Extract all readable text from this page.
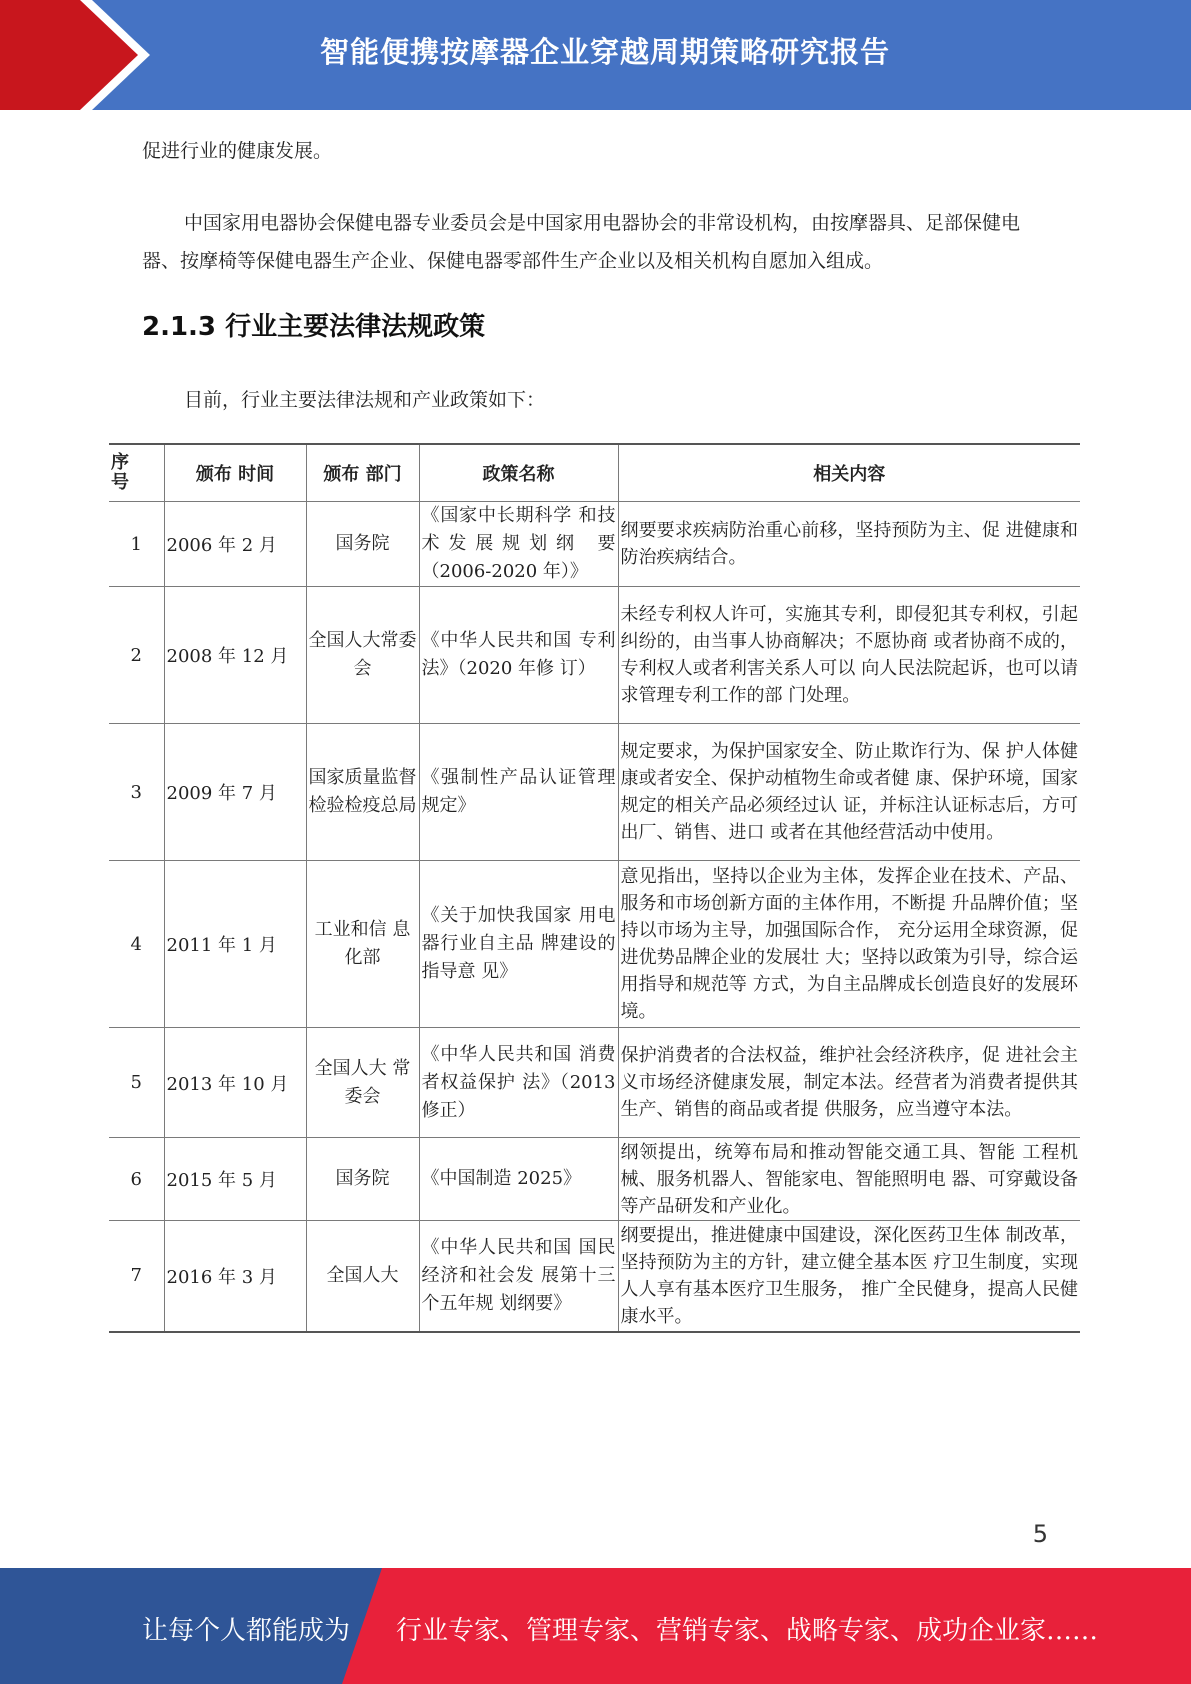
智能便携按摩器企业穿越周期策略研究报告
促进行业的健康发展。
中国家用电器协会保健电器专业委员会是中国家用电器协会的非常设机构，由按摩器具、足部保健电器、按摩椅等保健电器生产企业、保健电器零部件生产企业以及相关机构自愿加入组成。
2.1.3 行业主要法律法规政策
目前，行业主要法律法规和产业政策如下：
序号	颁布 时间	颁布 部门	政策名称	相关内容
1	2006 年 2 月	国务院	《国家中长期科学 和技术发展规划纲 要（2006-2020 年）》	纲要要求疾病防治重心前移，坚持预防为主、促 进健康和防治疾病结合。
2	2008 年 12 月	全国人大常委会	《中华人民共和国 专利法》（2020 年修 订）	未经专利权人许可，实施其专利，即侵犯其专利权，引起纠纷的，由当事人协商解决；不愿协商 或者协商不成的，专利权人或者利害关系人可以 向人民法院起诉，也可以请求管理专利工作的部 门处理。
3	2009 年 7 月	国家质量监督检验检疫总局	《强制性产品认证管理规定》	规定要求，为保护国家安全、防止欺诈行为、保 护人体健康或者安全、保护动植物生命或者健 康、保护环境，国家规定的相关产品必须经过认 证，并标注认证标志后，方可出厂、销售、进口 或者在其他经营活动中使用。
4	2011 年 1 月	工业和信 息化部	《关于加快我国家 用电器行业自主品 牌建设的指导意 见》	意见指出，坚持以企业为主体，发挥企业在技术、产品、服务和市场创新方面的主体作用，不断提 升品牌价值；坚持以市场为主导，加强国际合作， 充分运用全球资源，促进优势品牌企业的发展壮 大；坚持以政策为引导，综合运用指导和规范等 方式，为自主品牌成长创造良好的发展环境。
5	2013 年 10 月	全国人大 常委会	《中华人民共和国 消费者权益保护 法》（2013 修正）	保护消费者的合法权益，维护社会经济秩序，促 进社会主义市场经济健康发展，制定本法。经营者为消费者提供其生产、销售的商品或者提 供服务，应当遵守本法。
6	2015 年 5 月	国务院	《中国制造 2025》	纲领提出，统筹布局和推动智能交通工具、智能 工程机械、服务机器人、智能家电、智能照明电 器、可穿戴设备等产品研发和产业化。
7	2016 年 3 月	全国人大	《中华人民共和国 国民经济和社会发 展第十三个五年规 划纲要》	纲要提出，推进健康中国建设，深化医药卫生体 制改革，坚持预防为主的方针，建立健全基本医 疗卫生制度，实现人人享有基本医疗卫生服务， 推广全民健身，提高人民健康水平。
5
让每个人都能成为 行业专家、管理专家、营销专家、战略专家、成功企业家……
